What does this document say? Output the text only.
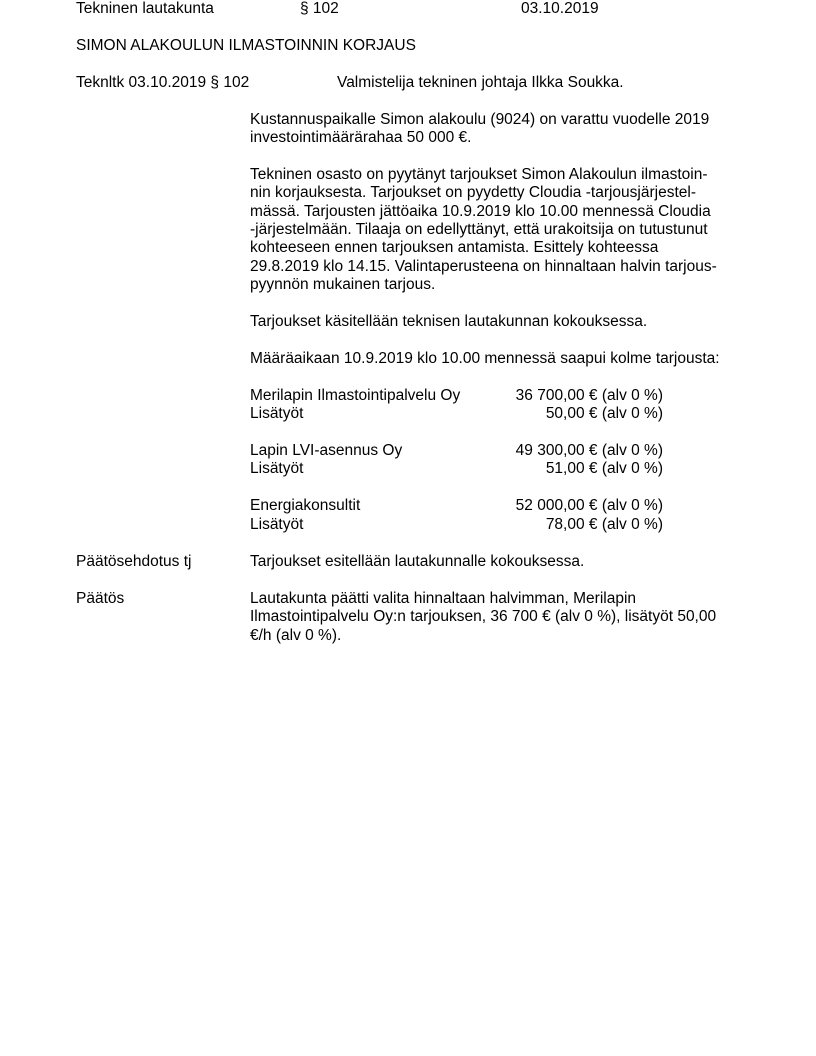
Tekninen lautakunta	§ 102	03.10.2019
SIMON ALAKOULUN ILMASTOINNIN KORJAUS
Teknltk 03.10.2019 § 102	Valmistelija tekninen johtaja Ilkka Soukka.
Kustannuspaikalle Simon alakoulu (9024) on varattu vuodelle 2019
investointimäärärahaa 50 000 €.
Tekninen osasto on pyytänyt tarjoukset Simon Alakoulun ilmastoin-
nin korjauksesta. Tarjoukset on pyydetty Cloudia -tarjousjärjestel-
mässä. Tarjousten jättöaika 10.9.2019 klo 10.00 mennessä Cloudia
-järjestelmään. Tilaaja on edellyttänyt, että urakoitsija on tutustunut
kohteeseen ennen tarjouksen antamista. Esittely kohteessa
29.8.2019 klo 14.15. Valintaperusteena on hinnaltaan halvin tarjous-
pyynnön mukainen tarjous.
Tarjoukset käsitellään teknisen lautakunnan kokouksessa.
Määräaikaan 10.9.2019 klo 10.00 mennessä saapui kolme tarjousta:
Merilapin Ilmastointipalvelu Oy	36 700,00 € (alv 0 %)
Lisätyöt	50,00 € (alv 0 %)
Lapin LVI-asennus Oy	49 300,00 € (alv 0 %)
Lisätyöt	51,00 € (alv 0 %)
Energiakonsultit	52 000,00 € (alv 0 %)
Lisätyöt	78,00 € (alv 0 %)
Päätösehdotus tj	Tarjoukset esitellään lautakunnalle kokouksessa.
Päätös	Lautakunta päätti valita hinnaltaan halvimman, Merilapin
Ilmastointipalvelu Oy:n tarjouksen, 36 700 € (alv 0 %), lisätyöt 50,00
€/h (alv 0 %).
